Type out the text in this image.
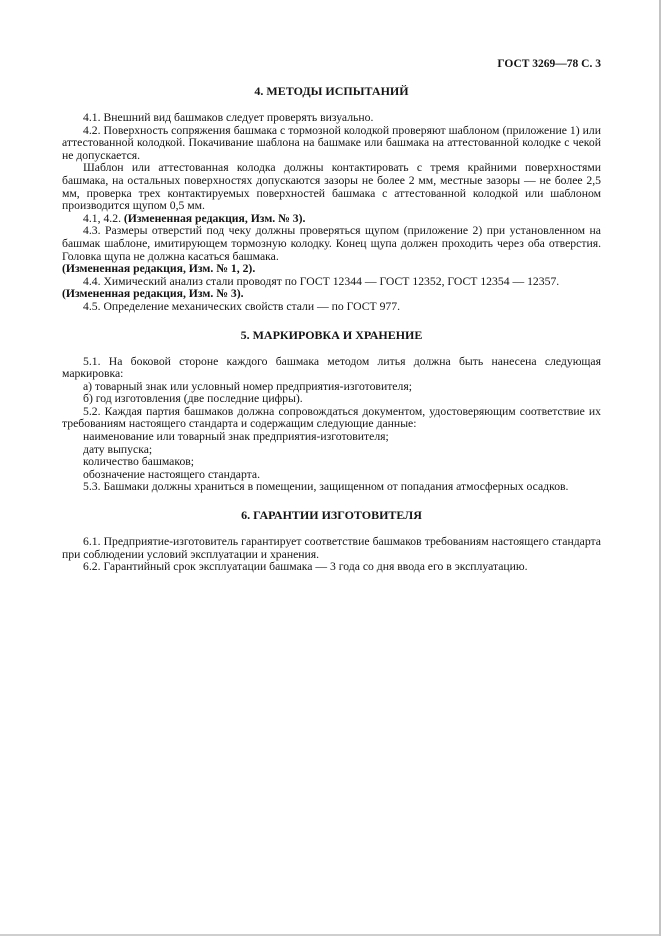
ГОСТ 3269—78 С. 3
4. МЕТОДЫ ИСПЫТАНИЙ

4.1. Внешний вид башмаков следует проверять визуально.

4.2. Поверхность сопряжения башмака с тормозной колодкой проверяют шаблоном (приложение 1) или аттестованной колодкой. Покачивание шаблона на башмаке или башмака на аттестованной колодке с чекой не допускается.

Шаблон или аттестованная колодка должны контактировать с тремя крайними поверхностями башмака, на остальных поверхностях допускаются зазоры не более 2 мм, местные зазоры — не более 2,5 мм, проверка трех контактируемых поверхностей башмака с аттестованной колодкой или шаблоном производится щупом 0,5 мм.

4.1, 4.2. (Измененная редакция, Изм. № 3).

4.3. Размеры отверстий под чеку должны проверяться щупом (приложение 2) при установленном на башмак шаблоне, имитирующем тормозную колодку. Конец щупа должен проходить через оба отверстия. Головка щупа не должна касаться башмака.

(Измененная редакция, Изм. № 1, 2).

4.4. Химический анализ стали проводят по ГОСТ 12344 — ГОСТ 12352, ГОСТ 12354 — 12357.

(Измененная редакция, Изм. № 3).

4.5. Определение механических свойств стали — по ГОСТ 977.

5. МАРКИРОВКА И ХРАНЕНИЕ

5.1. На боковой стороне каждого башмака методом литья должна быть нанесена следующая маркировка:

а) товарный знак или условный номер предприятия-изготовителя;

б) год изготовления (две последние цифры).

5.2. Каждая партия башмаков должна сопровождаться документом, удостоверяющим соответствие их требованиям настоящего стандарта и содержащим следующие данные:

наименование или товарный знак предприятия-изготовителя;

дату выпуска;

количество башмаков;

обозначение настоящего стандарта.

5.3. Башмаки должны храниться в помещении, защищенном от попадания атмосферных осадков.

6. ГАРАНТИИ ИЗГОТОВИТЕЛЯ

6.1. Предприятие-изготовитель гарантирует соответствие башмаков требованиям настоящего стандарта при соблюдении условий эксплуатации и хранения.

6.2. Гарантийный срок эксплуатации башмака — 3 года со дня ввода его в эксплуатацию.
